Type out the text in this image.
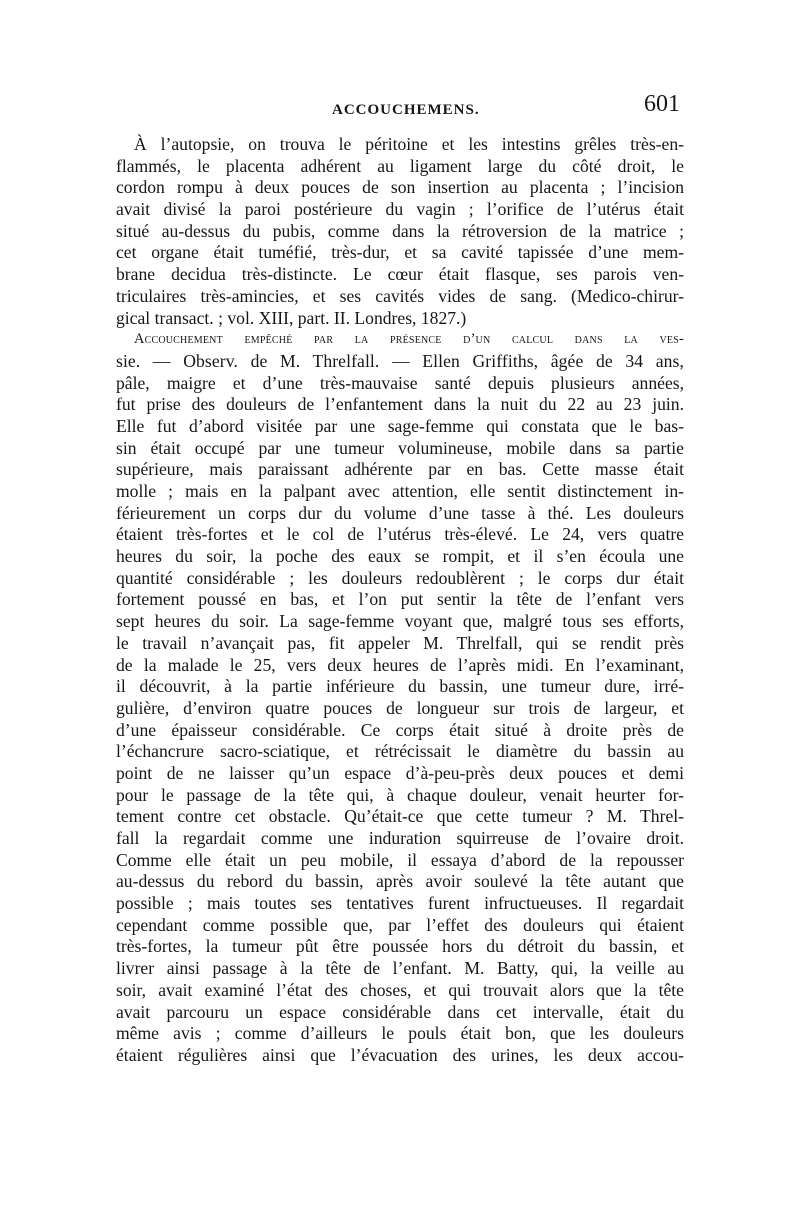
ACCOUCHEMENS.	601
À l’autopsie, on trouva le péritoine et les intestins grêles très-en-
flammés, le placenta adhérent au ligament large du côté droit, le
cordon rompu à deux pouces de son insertion au placenta ; l’incision
avait divisé la paroi postérieure du vagin ; l’orifice de l’utérus était
situé au-dessus du pubis, comme dans la rétroversion de la matrice ;
cet organe était tuméfié, très-dur, et sa cavité tapissée d’une mem-
brane decidua très-distincte. Le cœur était flasque, ses parois ven-
triculaires très-amincies, et ses cavités vides de sang. (Medico-chirur-
gical transact. ; vol. XIII, part. II. Londres, 1827.)
Accouchement empêché par la présence d’un calcul dans la ves-
sie. — Observ. de M. Threlfall. — Ellen Griffiths, âgée de 34 ans,
pâle, maigre et d’une très-mauvaise santé depuis plusieurs années,
fut prise des douleurs de l’enfantement dans la nuit du 22 au 23 juin.
Elle fut d’abord visitée par une sage-femme qui constata que le bas-
sin était occupé par une tumeur volumineuse, mobile dans sa partie
supérieure, mais paraissant adhérente par en bas. Cette masse était
molle ; mais en la palpant avec attention, elle sentit distinctement in-
férieurement un corps dur du volume d’une tasse à thé. Les douleurs
étaient très-fortes et le col de l’utérus très-élevé. Le 24, vers quatre
heures du soir, la poche des eaux se rompit, et il s’en écoula une
quantité considérable ; les douleurs redoublèrent ; le corps dur était
fortement poussé en bas, et l’on put sentir la tête de l’enfant vers
sept heures du soir. La sage-femme voyant que, malgré tous ses efforts,
le travail n’avançait pas, fit appeler M. Threlfall, qui se rendit près
de la malade le 25, vers deux heures de l’après midi. En l’examinant,
il découvrit, à la partie inférieure du bassin, une tumeur dure, irré-
gulière, d’environ quatre pouces de longueur sur trois de largeur, et
d’une épaisseur considérable. Ce corps était situé à droite près de
l’échancrure sacro-sciatique, et rétrécissait le diamètre du bassin au
point de ne laisser qu’un espace d’à-peu-près deux pouces et demi
pour le passage de la tête qui, à chaque douleur, venait heurter for-
tement contre cet obstacle. Qu’était-ce que cette tumeur ? M. Threl-
fall la regardait comme une induration squirreuse de l’ovaire droit.
Comme elle était un peu mobile, il essaya d’abord de la repousser
au-dessus du rebord du bassin, après avoir soulevé la tête autant que
possible ; mais toutes ses tentatives furent infructueuses. Il regardait
cependant comme possible que, par l’effet des douleurs qui étaient
très-fortes, la tumeur pût être poussée hors du détroit du bassin, et
livrer ainsi passage à la tête de l’enfant. M. Batty, qui, la veille au
soir, avait examiné l’état des choses, et qui trouvait alors que la tête
avait parcouru un espace considérable dans cet intervalle, était du
même avis ; comme d’ailleurs le pouls était bon, que les douleurs
étaient régulières ainsi que l’évacuation des urines, les deux accou-
